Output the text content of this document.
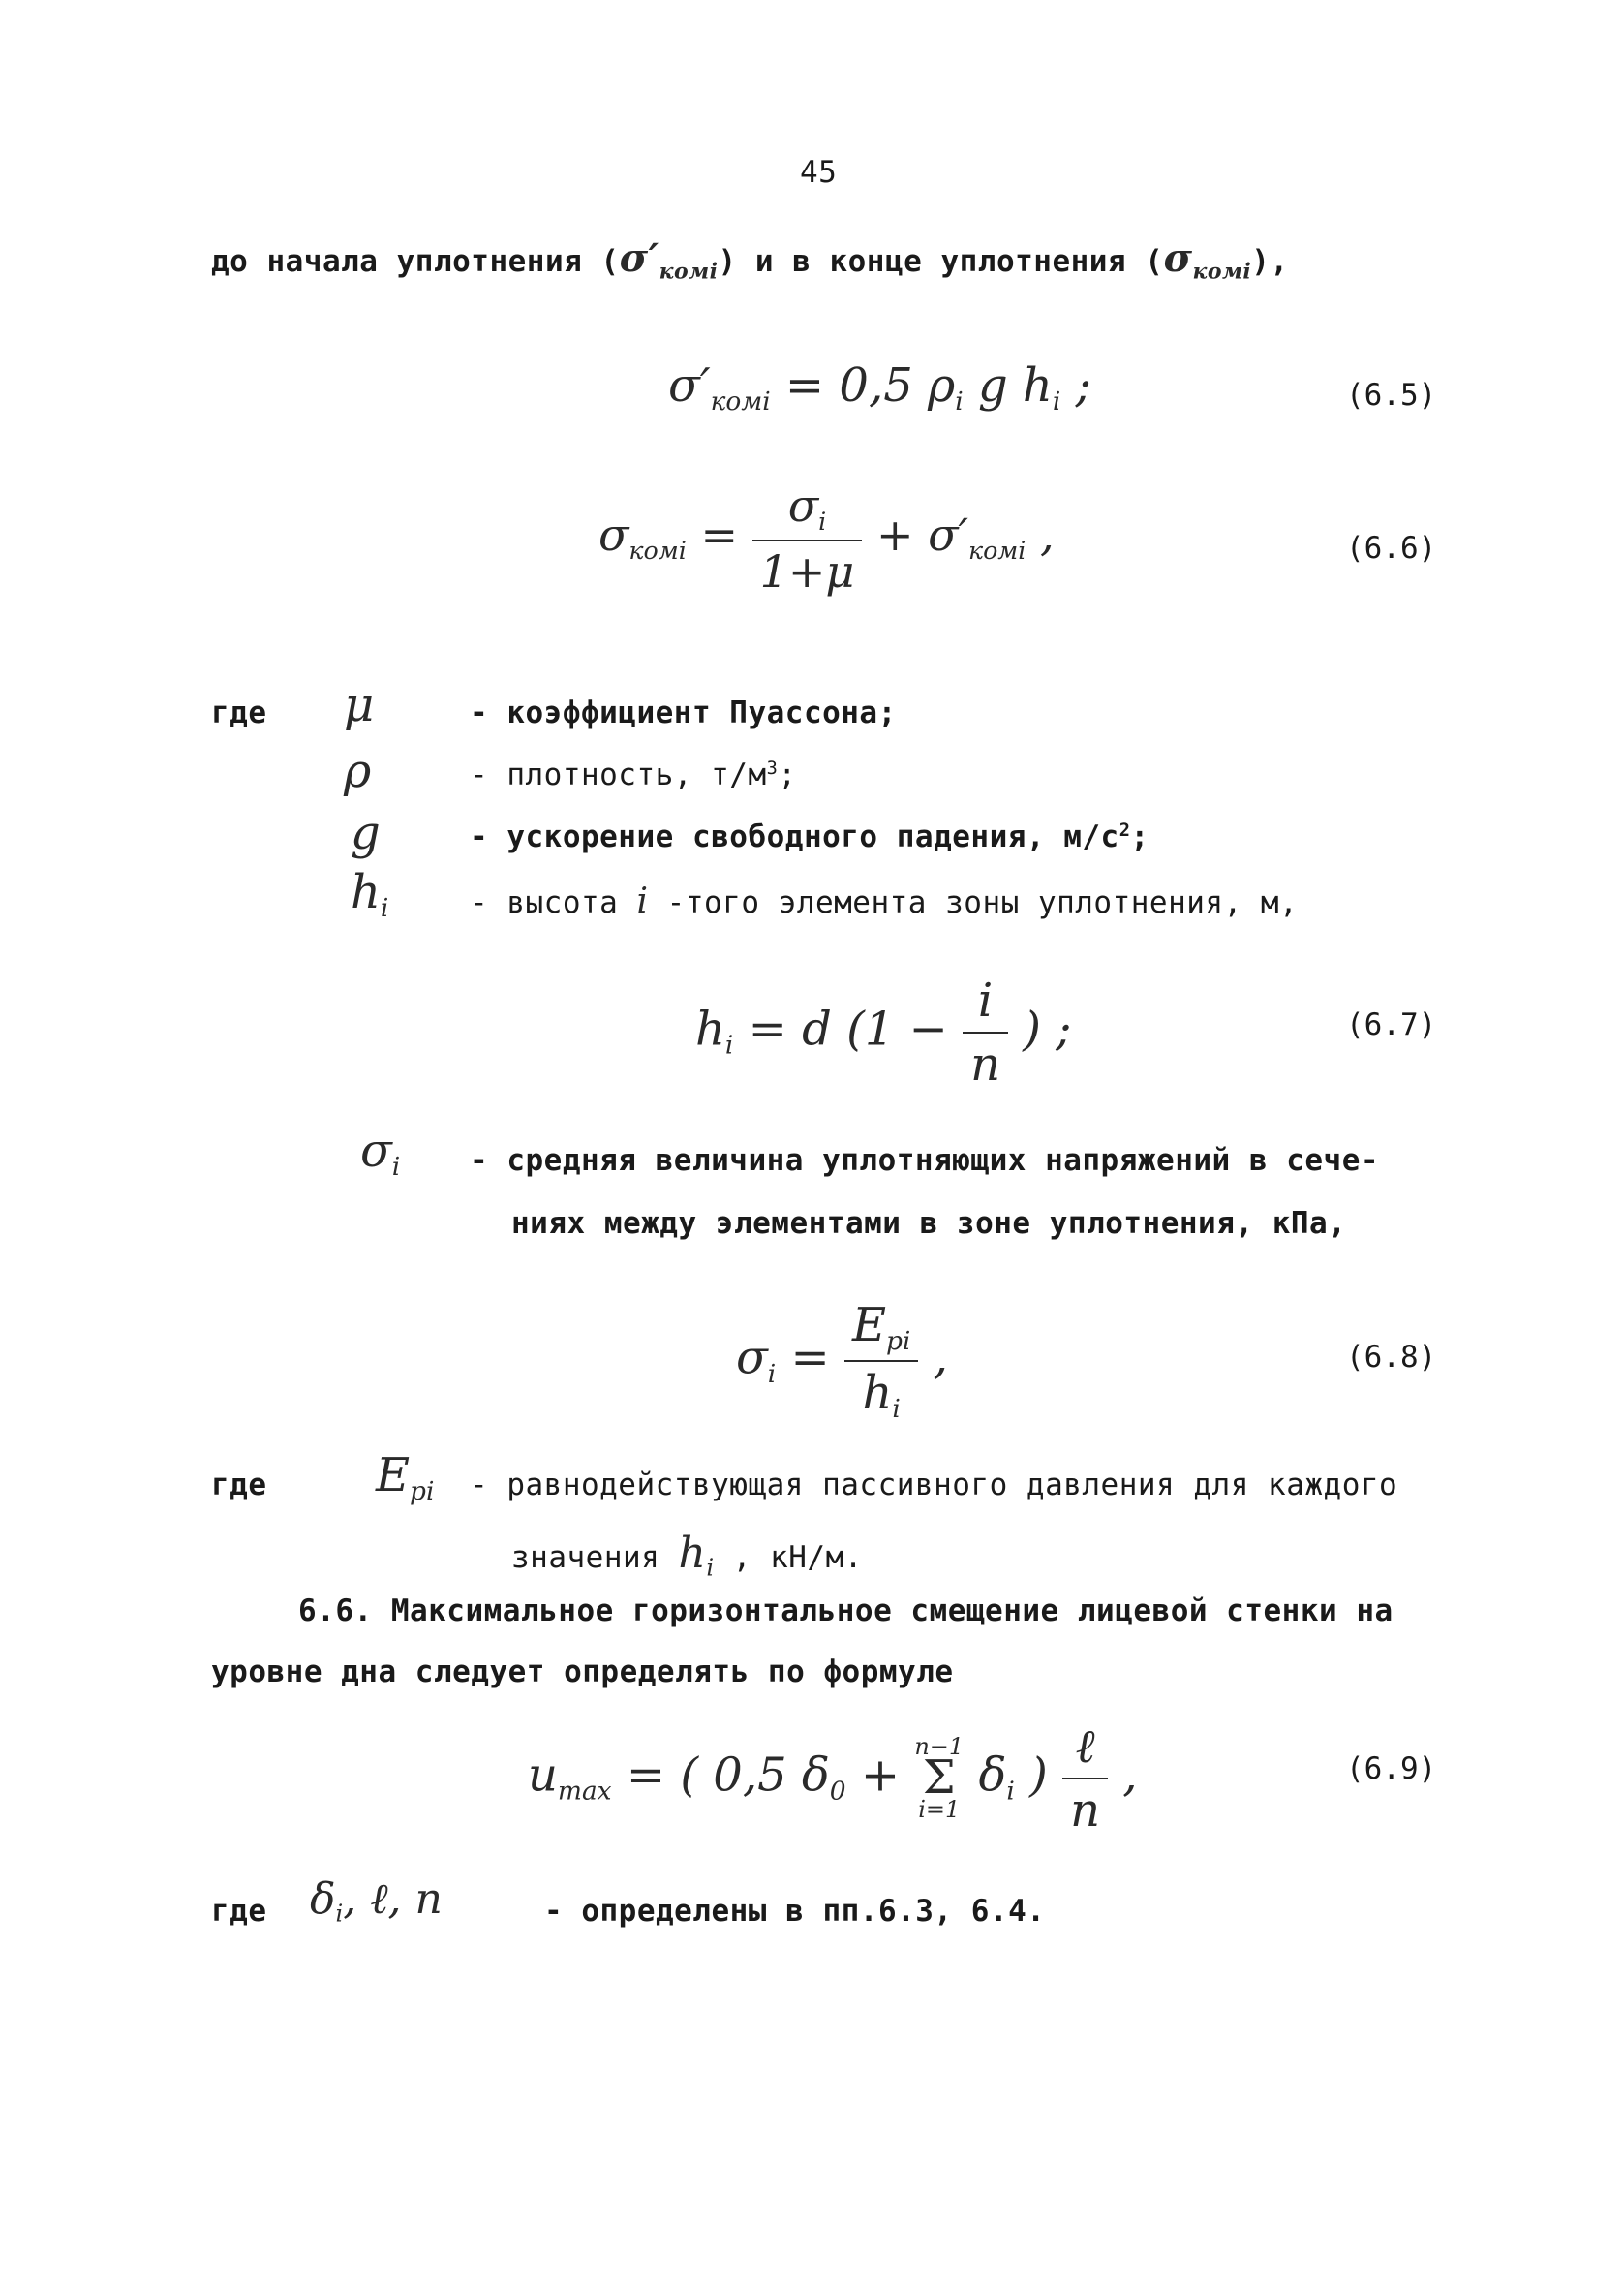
45
до начала уплотнения $(\sigma'_{комi})$ и в конце уплотнения $(\sigma_{комi})$,
$\sigma'_{комi} = 0,5$ $\rho_i$ g $h_i$ ;	(6.5)
$\sigma_{комi} = \frac{\sigma_i}{1+\mu} + \sigma'_{комi}$ ,	(6.6)
где μ	- коэффициент Пуассона;
ρ	- плотность, $т/м^3$;
g	- ускорение свободного падения, $м/с^2$;
$h_i$	- высота i -того элемента зоны уплотнения, м,
$h_i = d$ ($1 - \frac{i}{n}$ ) ;	(6.7)
$\sigma_i$ - средняя величина уплотняющих напряжений в сече-
ниях между элементами в зоне уплотнения, кПа,
$\sigma_i = \frac{E_{pi}}{h_i}$ ,	(6.8)
где $E_{pi}$ - равнодействующая пассивного давления для каждого
значения $h_i$ , кН/м.
6.6. Максимальное горизонтальное смещение лицевой стенки на
уровне дна следует определять по формуле
$u_{max}$ = ( 0,5 $\delta_0$ +
n−1
Σ
i=1
$\delta_i$ ) $\frac{\text{ℓ}}{n}$ ,	(6.9)
где $\delta_i$, ℓ, n	- определены в пп.6.3, 6.4.
